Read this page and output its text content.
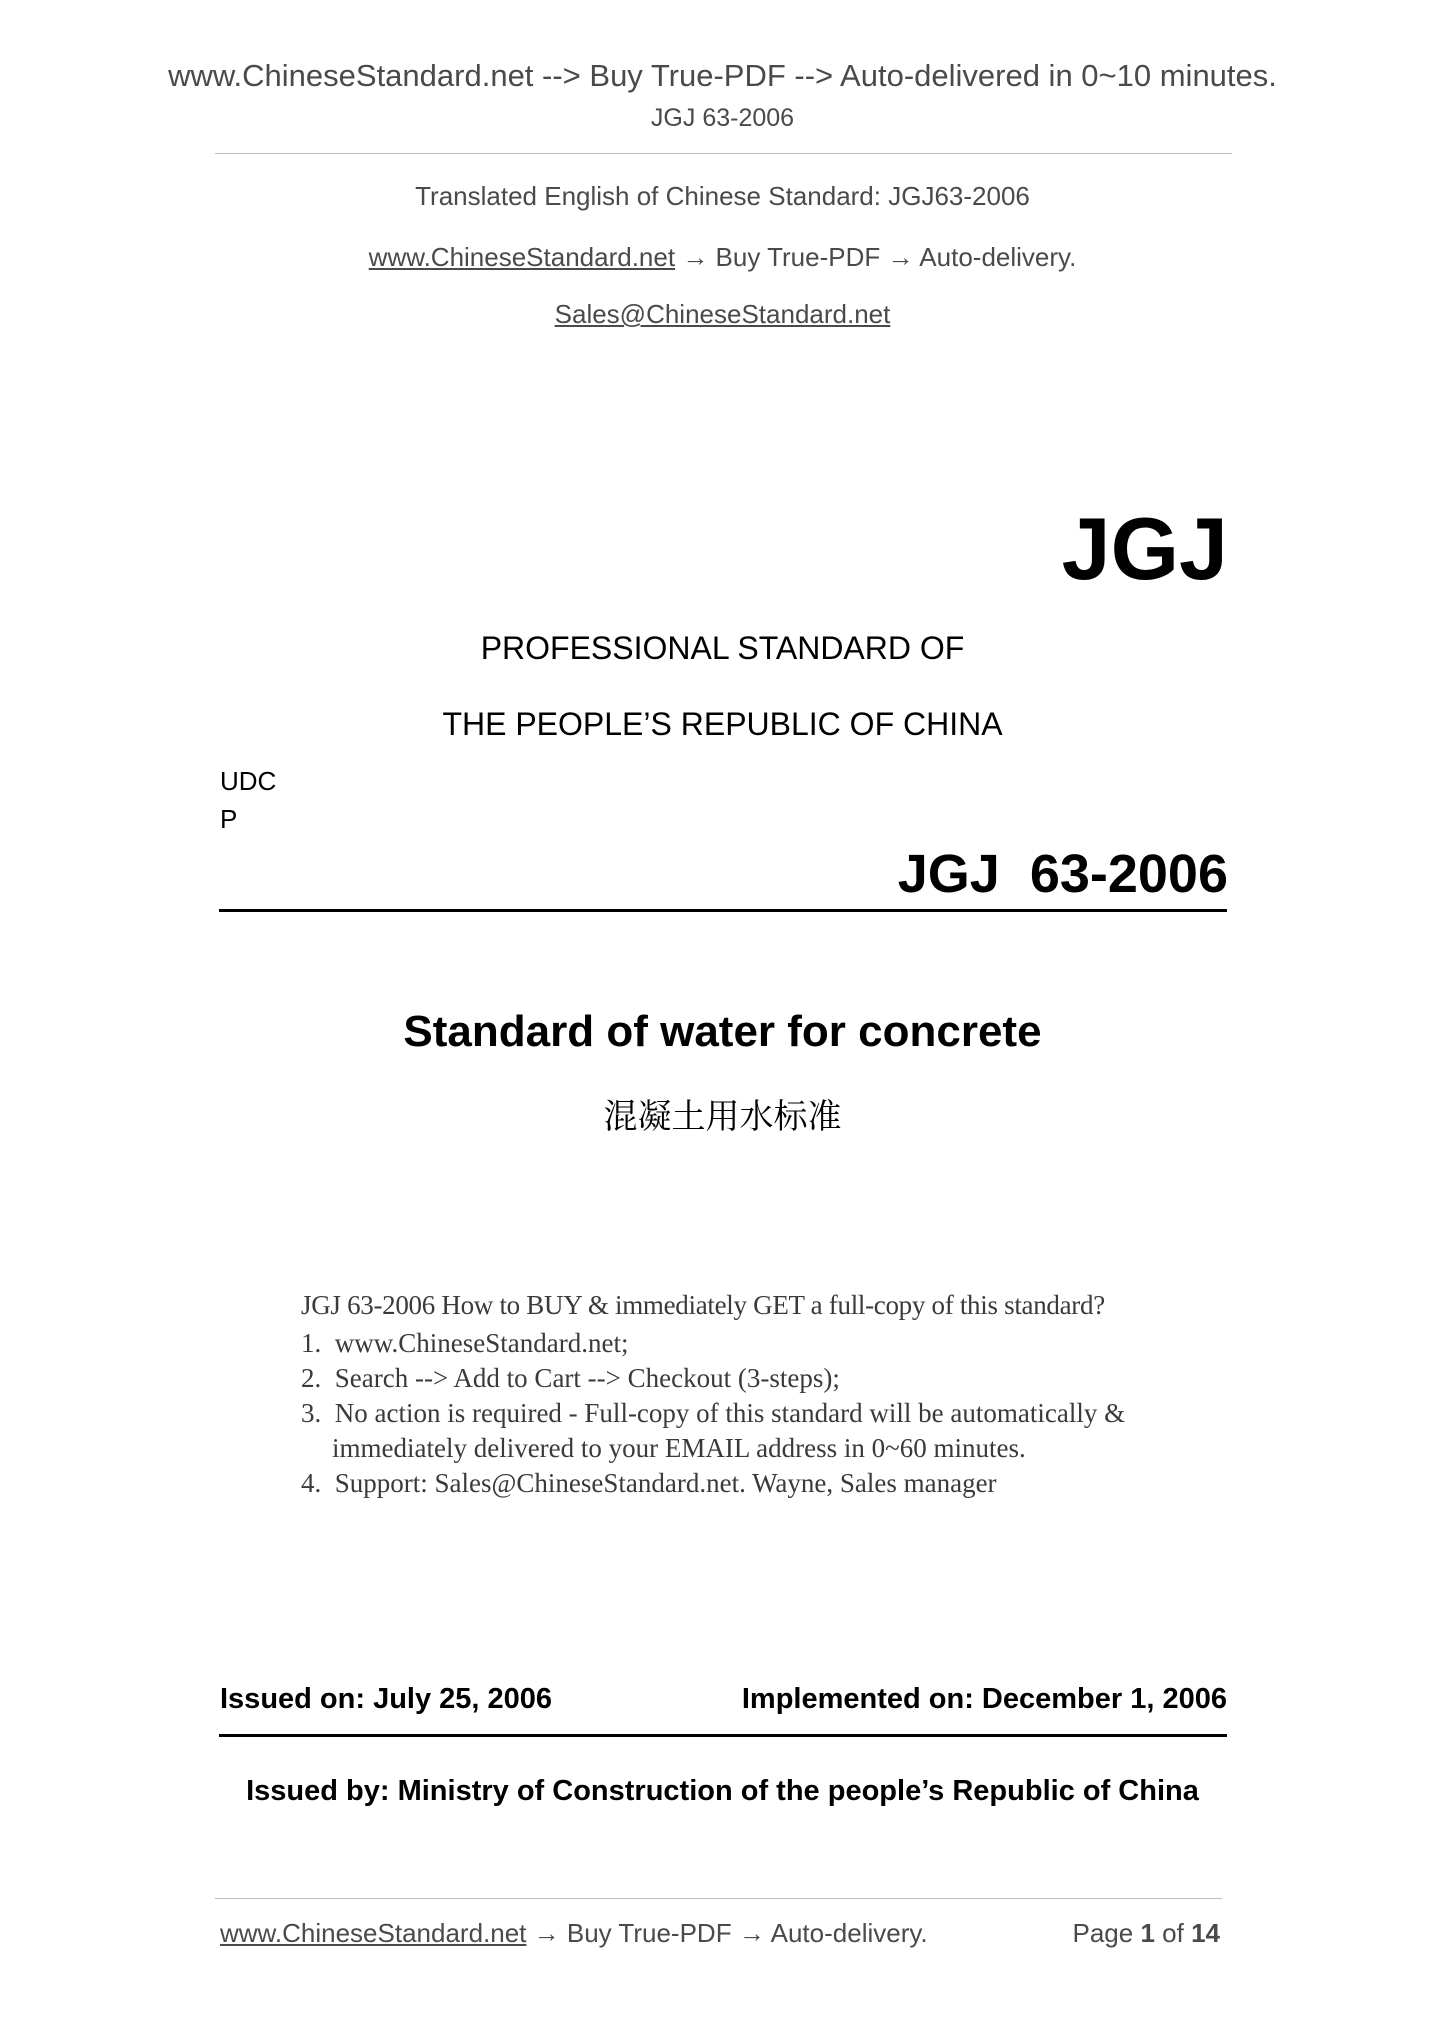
www.ChineseStandard.net --> Buy True-PDF --> Auto-delivered in 0~10 minutes.
JGJ 63-2006
Translated English of Chinese Standard: JGJ63-2006
www.ChineseStandard.net → Buy True-PDF → Auto-delivery.
Sales@ChineseStandard.net
JGJ
PROFESSIONAL STANDARD OF
THE PEOPLE’S REPUBLIC OF CHINA
UDC
P
JGJ  63-2006
Standard of water for concrete
混凝土用水标准
JGJ 63-2006 How to BUY & immediately GET a full-copy of this standard?
1. www.ChineseStandard.net;
2. Search --> Add to Cart --> Checkout (3-steps);
3. No action is required - Full-copy of this standard will be automatically &
immediately delivered to your EMAIL address in 0~60 minutes.
4. Support: Sales@ChineseStandard.net. Wayne, Sales manager
Issued on: July 25, 2006	Implemented on: December 1, 2006
Issued by: Ministry of Construction of the people’s Republic of China
www.ChineseStandard.net → Buy True-PDF → Auto-delivery.	Page 1 of 14
